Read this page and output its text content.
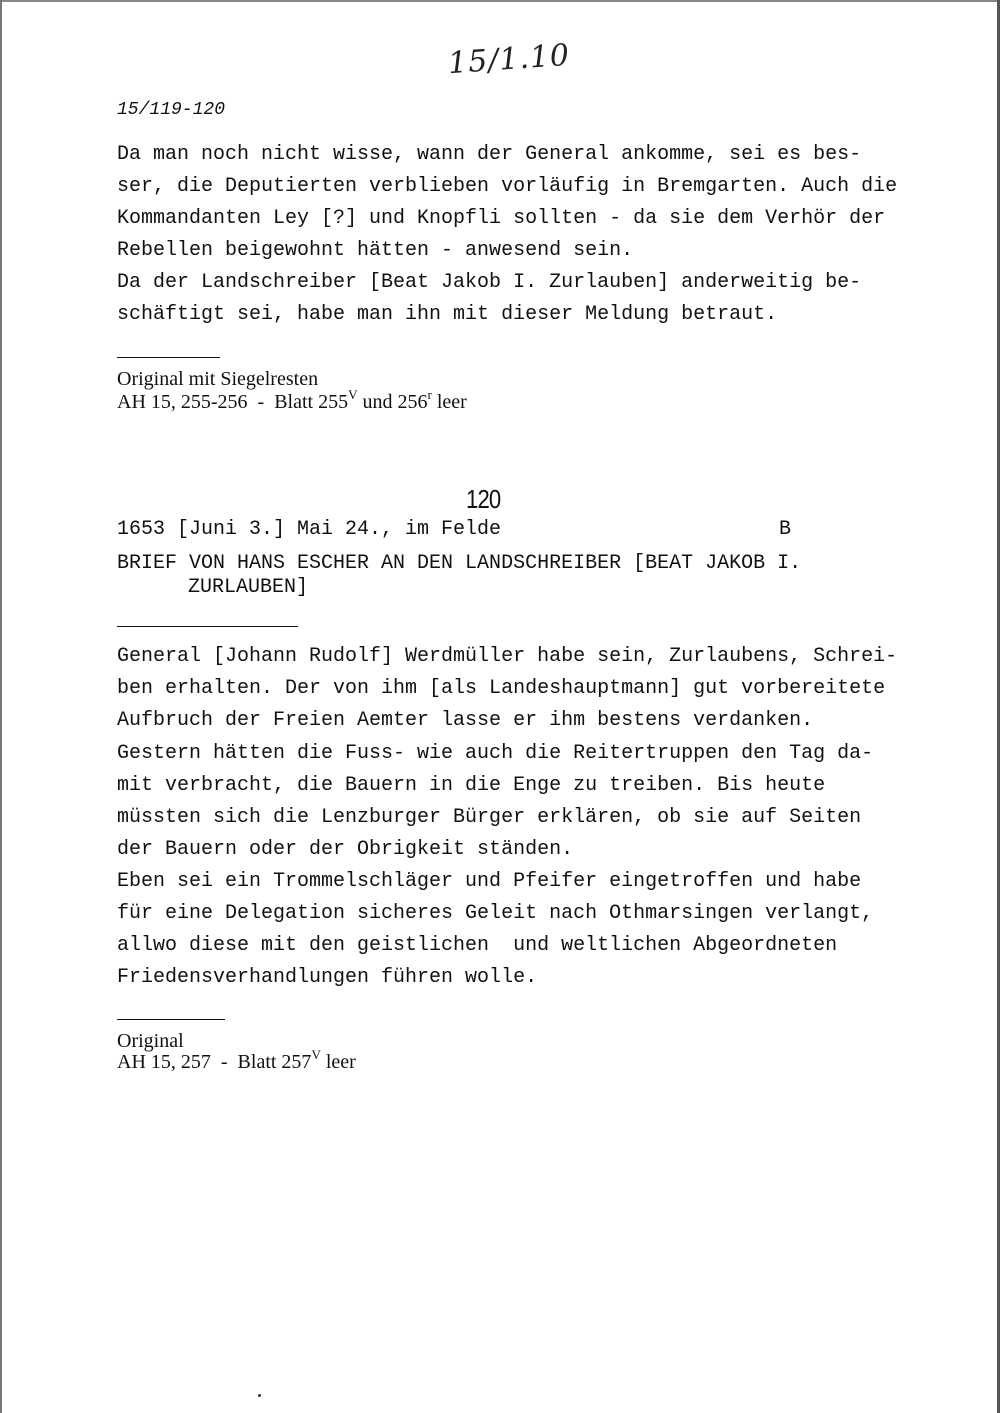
15/1.10
15/119-120
Da man noch nicht wisse, wann der General ankomme, sei es bes-
ser, die Deputierten verblieben vorläufig in Bremgarten. Auch die
Kommandanten Ley [?] und Knopfli sollten - da sie dem Verhör der
Rebellen beigewohnt hätten - anwesend sein.
Da der Landschreiber [Beat Jakob I. Zurlauben] anderweitig be-
schäftigt sei, habe man ihn mit dieser Meldung betraut.
Original mit Siegelresten
AH 15, 255-256  -  Blatt $255^V$ und 256$^r$ leer
120
1653 [Juni 3.] Mai 24., im Felde	B
BRIEF VON HANS ESCHER AN DEN LANDSCHREIBER [BEAT JAKOB I.
ZURLAUBEN]
General [Johann Rudolf] Werdmüller habe sein, Zurlaubens, Schrei-
ben erhalten. Der von ihm [als Landeshauptmann] gut vorbereitete
Aufbruch der Freien Aemter lasse er ihm bestens verdanken.
Gestern hätten die Fuss- wie auch die Reitertruppen den Tag da-
mit verbracht, die Bauern in die Enge zu treiben. Bis heute
müssten sich die Lenzburger Bürger erklären, ob sie auf Seiten
der Bauern oder der Obrigkeit ständen.
Eben sei ein Trommelschläger und Pfeifer eingetroffen und habe
für eine Delegation sicheres Geleit nach Othmarsingen verlangt,
allwo diese mit den geistlichen  und weltlichen Abgeordneten
Friedensverhandlungen führen wolle.
Original
AH 15, 257  -  Blatt $257^V$ leer
